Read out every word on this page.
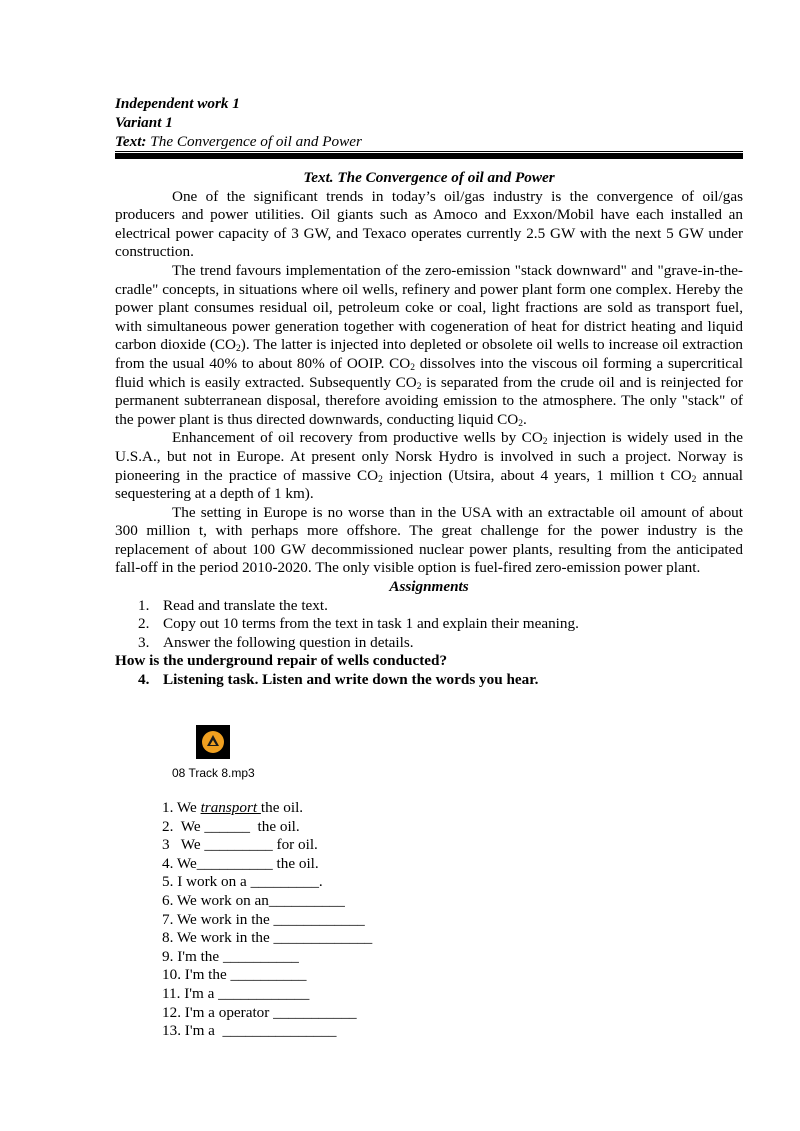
Independent work 1
Variant 1
Text: The Convergence of oil and Power
Text. The Convergence of oil and Power

One of the significant trends in today’s oil/gas industry is the convergence of oil/gas producers and power utilities. Oil giants such as Amoco and Exxon/Mobil have each installed an electrical power capacity of 3 GW, and Texaco operates currently 2.5 GW with the next 5 GW under construction.

The trend favours implementation of the zero-emission "stack downward" and "grave-in-the-cradle" concepts, in situations where oil wells, refinery and power plant form one complex. Hereby the power plant consumes residual oil, petroleum coke or coal, light fractions are sold as transport fuel, with simultaneous power generation together with cogeneration of heat for district heating and liquid carbon dioxide $(CO_2)$. The latter is injected into depleted or obsolete oil wells to increase oil extraction from the usual 40% to about 80% of OOIP. $CO_2$ dissolves into the viscous oil forming a supercritical fluid which is easily extracted. Subsequently $CO_2$ is separated from the crude oil and is reinjected for permanent subterranean disposal, therefore avoiding emission to the atmosphere. The only "stack" of the power plant is thus directed downwards, conducting liquid $CO_2$.

Enhancement of oil recovery from productive wells by $CO_2$ injection is widely used in the U.S.A., but not in Europe. At present only Norsk Hydro is involved in such a project. Norway is pioneering in the practice of massive $CO_2$ injection (Utsira, about 4 years, 1 million t $CO_2$ annual sequestering at a depth of 1 km).

The setting in Europe is no worse than in the USA with an extractable oil amount of about 300 million t, with perhaps more offshore. The great challenge for the power industry is the replacement of about 100 GW decommissioned nuclear power plants, resulting from the anticipated fall-off in the period 2010-2020. The only visible option is fuel-fired zero-emission power plant.

Assignments
1. Read and translate the text.
2. Copy out 10 terms from the text in task 1 and explain their meaning.
3. Answer the following question in details.
How is the underground repair of wells conducted?
4. Listening task. Listen and write down the words you hear.
08 Track 8.mp3
1. We transport the oil.
2.  We ______  the oil.
3   We _________ for oil.
4. We__________ the oil.
5. I work on a _________.
6. We work on an__________
7. We work in the ____________
8. We work in the _____________
9. I'm the __________
10. I'm the __________
11. I'm a ____________
12. I'm a operator ___________
13. I'm a  _______________
